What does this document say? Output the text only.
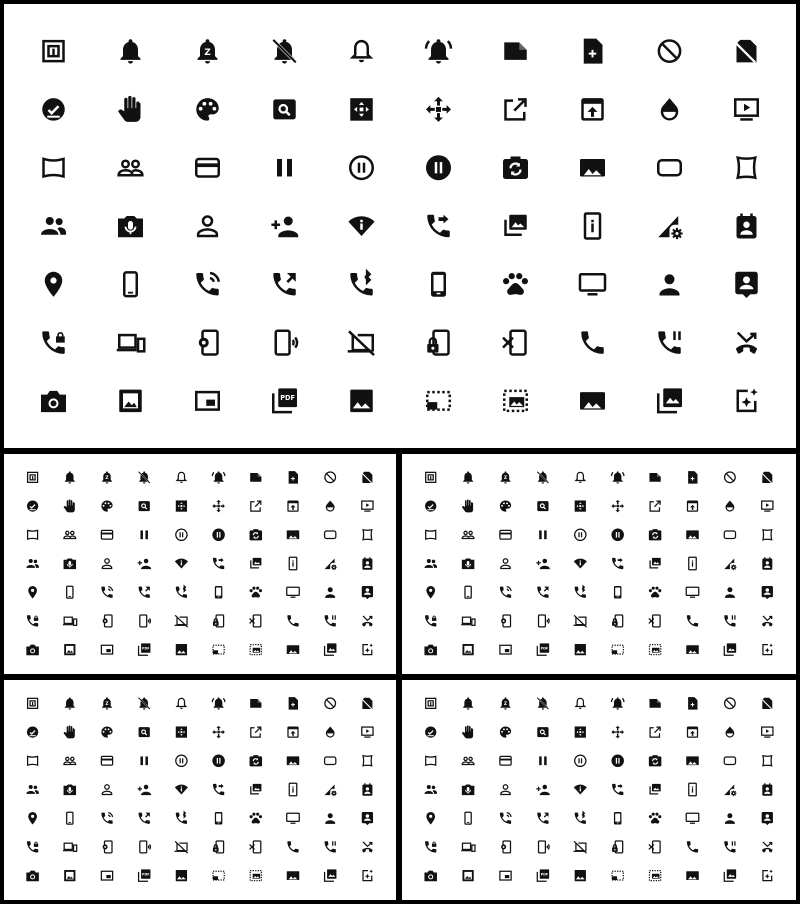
Z
PDF
Z
PDF
Z
PDF
Z
PDF
Z
PDF
